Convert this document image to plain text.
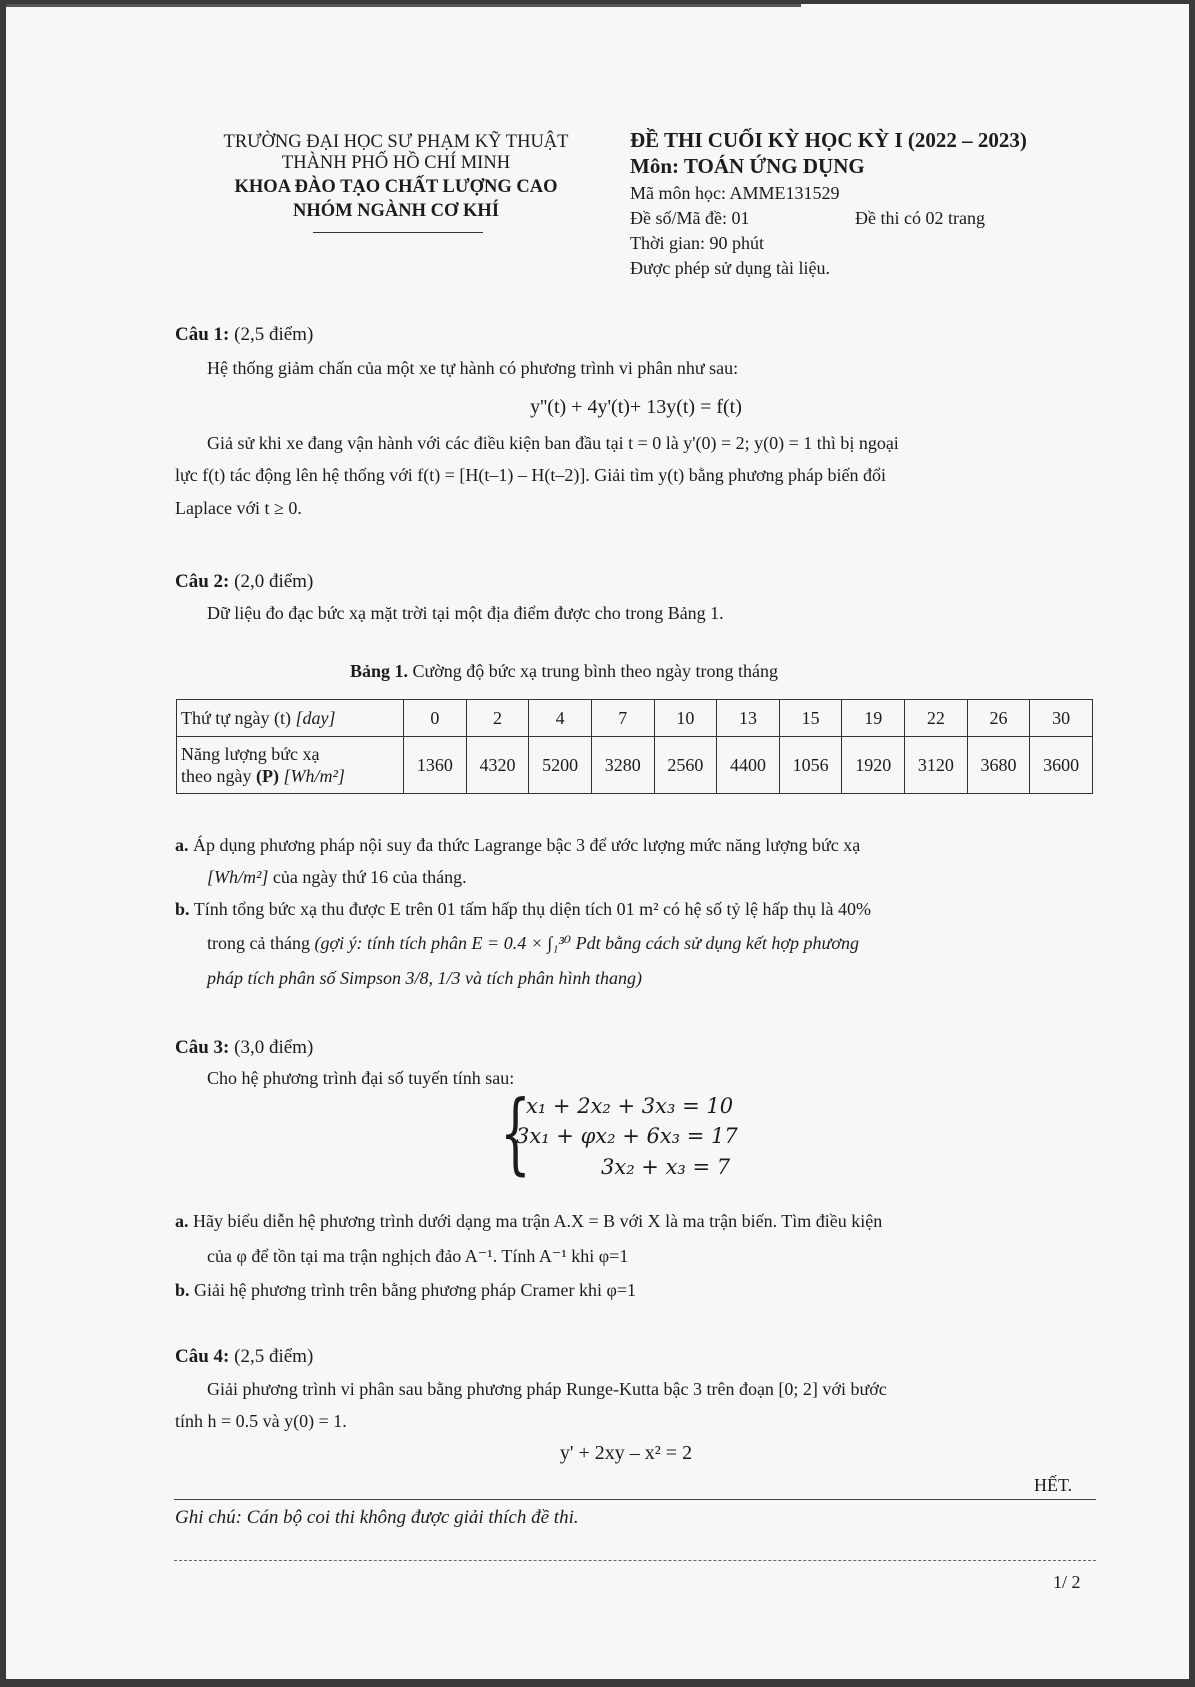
TRƯỜNG ĐẠI HỌC SƯ PHẠM KỸ THUẬT
THÀNH PHỐ HỒ CHÍ MINH
KHOA ĐÀO TẠO CHẤT LƯỢNG CAO
NHÓM NGÀNH CƠ KHÍ
ĐỀ THI CUỐI KỲ HỌC KỲ I (2022 – 2023)
Môn: TOÁN ỨNG DỤNG
Mã môn học: AMME131529
Đề số/Mã đề: 01	Đề thi có 02 trang
Thời gian: 90 phút
Được phép sử dụng tài liệu.
Câu 1: (2,5 điểm)
Hệ thống giảm chấn của một xe tự hành có phương trình vi phân như sau:
y''(t) + 4y'(t)+ 13y(t) = f(t)
Giả sử khi xe đang vận hành với các điều kiện ban đầu tại t = 0 là y'(0) = 2; y(0) = 1 thì bị ngoại
lực f(t) tác động lên hệ thống với f(t) = [H(t–1) – H(t–2)]. Giải tìm y(t) bằng phương pháp biến đổi
Laplace với t ≥ 0.
Câu 2: (2,0 điểm)
Dữ liệu đo đạc bức xạ mặt trời tại một địa điểm được cho trong Bảng 1.
Bảng 1. Cường độ bức xạ trung bình theo ngày trong tháng
Thứ tự ngày (t) [day]	0	2	4	7	10	13	15	19	22	26	30
Năng lượng bức xạ
theo ngày (P) [Wh/m²]	1360	4320	5200	3280	2560	4400	1056	1920	3120	3680	3600
a. Áp dụng phương pháp nội suy đa thức Lagrange bậc 3 để ước lượng mức năng lượng bức xạ
[Wh/m²] của ngày thứ 16 của tháng.
b. Tính tổng bức xạ thu được E trên 01 tấm hấp thụ diện tích 01 m² có hệ số tỷ lệ hấp thụ là 40%
trong cả tháng (gợi ý: tính tích phân E = 0.4 × ∫₁³⁰ Pdt bằng cách sử dụng kết hợp phương
pháp tích phân số Simpson 3/8, 1/3 và tích phân hình thang)
Câu 3: (3,0 điểm)
Cho hệ phương trình đại số tuyến tính sau:
{
x₁ + 2x₂ + 3x₃ = 10
3x₁ + φx₂ + 6x₃ = 17
3x₂ + x₃ = 7
a. Hãy biểu diễn hệ phương trình dưới dạng ma trận A.X = B với X là ma trận biến. Tìm điều kiện
của φ để tồn tại ma trận nghịch đảo A⁻¹. Tính A⁻¹ khi φ=1
b. Giải hệ phương trình trên bằng phương pháp Cramer khi φ=1
Câu 4: (2,5 điểm)
Giải phương trình vi phân sau bằng phương pháp Runge-Kutta bậc 3 trên đoạn [0; 2] với bước
tính h = 0.5 và y(0) = 1.
y' + 2xy – x² = 2
HẾT.
Ghi chú: Cán bộ coi thi không được giải thích đề thi.
1/ 2
